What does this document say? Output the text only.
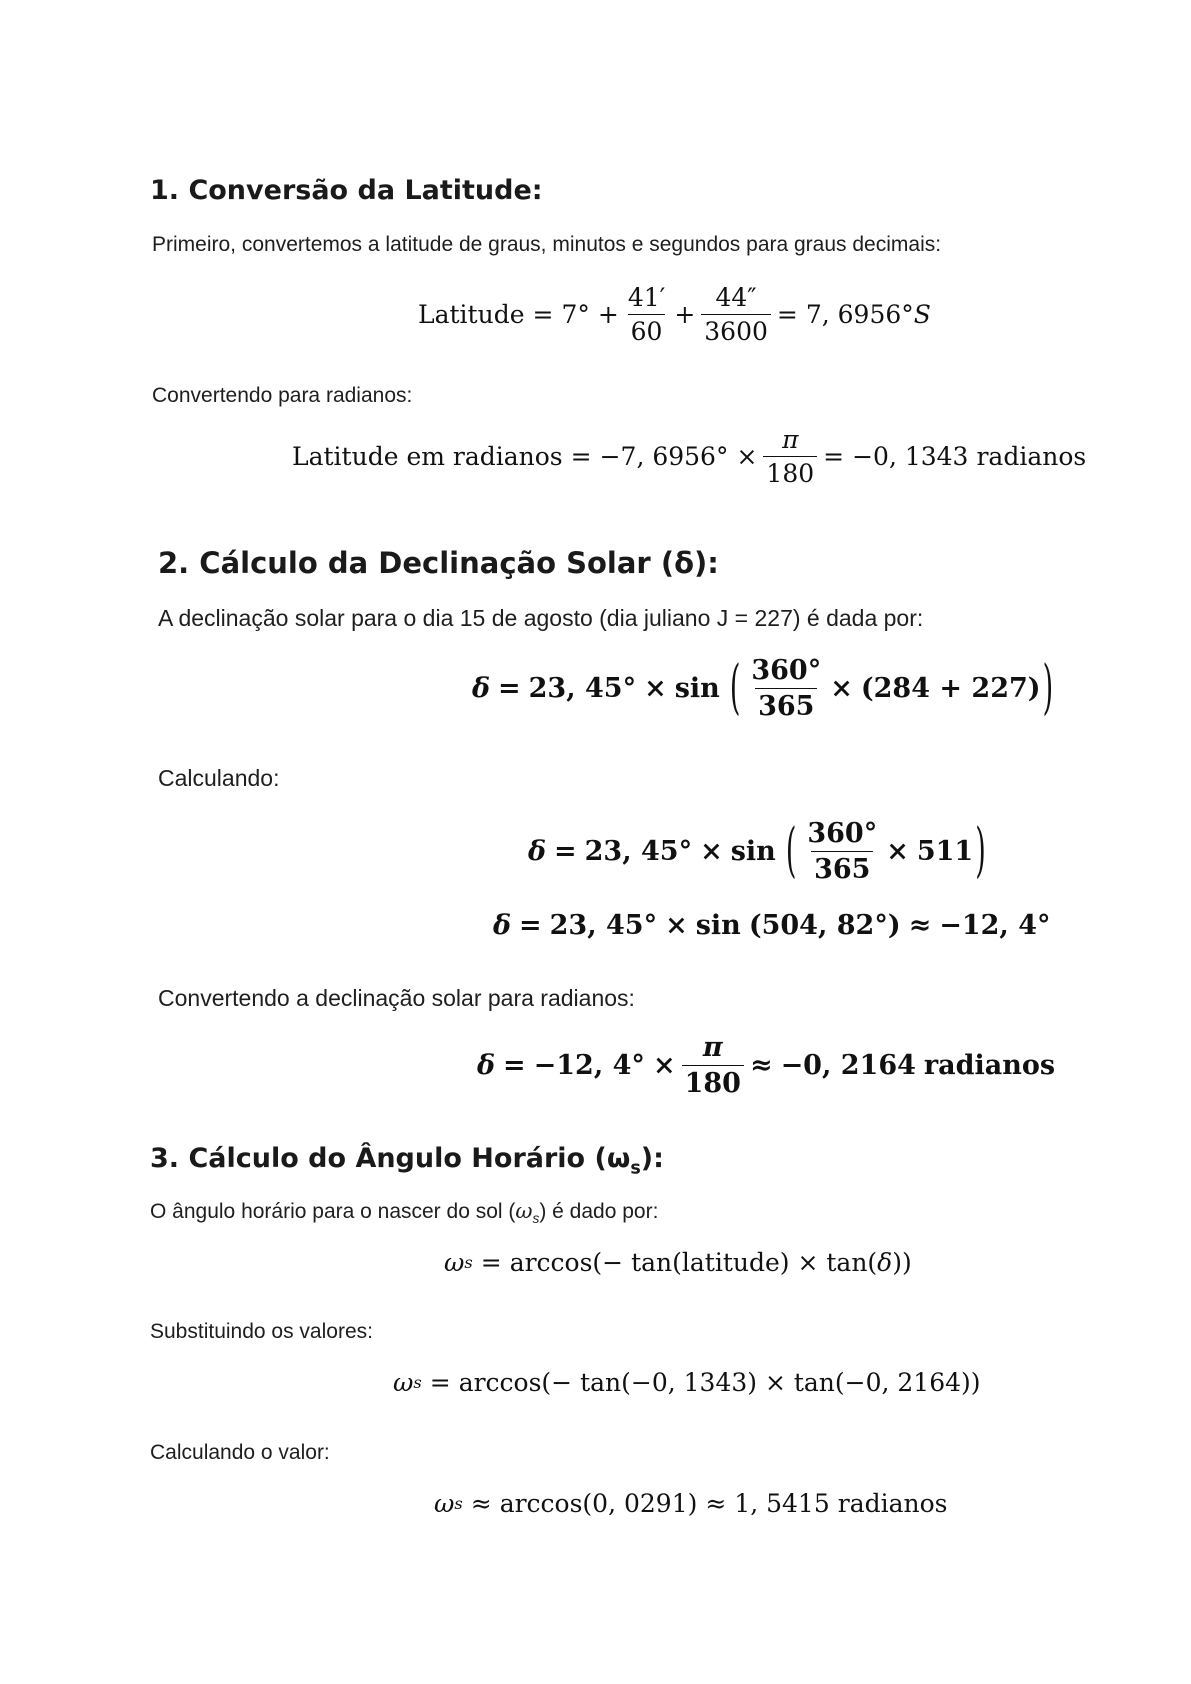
1. Conversão da Latitude:
Primeiro, convertemos a latitude de graus, minutos e segundos para graus decimais:
Latitude = $7^\circ + \frac{41'}{60} + \frac{44''}{3600} = 7$, 6956° S
Convertendo para radianos:
Latitude em radianos = −7, $6956^\circ \times \frac{\pi}{180} = -0$, 1343 radianos
2. Cálculo da Declinação Solar (δ):
A declinação solar para o dia 15 de agosto (dia juliano J = 227) é dada por:
δ = 23, 45° × sin ( $\frac{360^\circ}{365} \times (284 + 227)$ )
Calculando:
δ = 23, 45° × sin ( $\frac{360^\circ}{365} \times 511$ )
δ = 23, 45° × sin (504, 82°) ≈ −12, 4°
Convertendo a declinação solar para radianos:
δ = −12, $4^\circ \times \frac{\pi}{180} \approx -0$, 2164 radianos
3. Cálculo do Ângulo Horário $(\omega_s)$:
O ângulo horário para o nascer do sol $(\omega_s)$ é dado por:
ω s = arccos(− tan(latitude) × tan( δ ))
Substituindo os valores:
ω s = arccos(− tan(−0, 1343) × tan(−0, 2164))
Calculando o valor:
ω s ≈ arccos(0, 0291) ≈ 1, 5415 radianos
